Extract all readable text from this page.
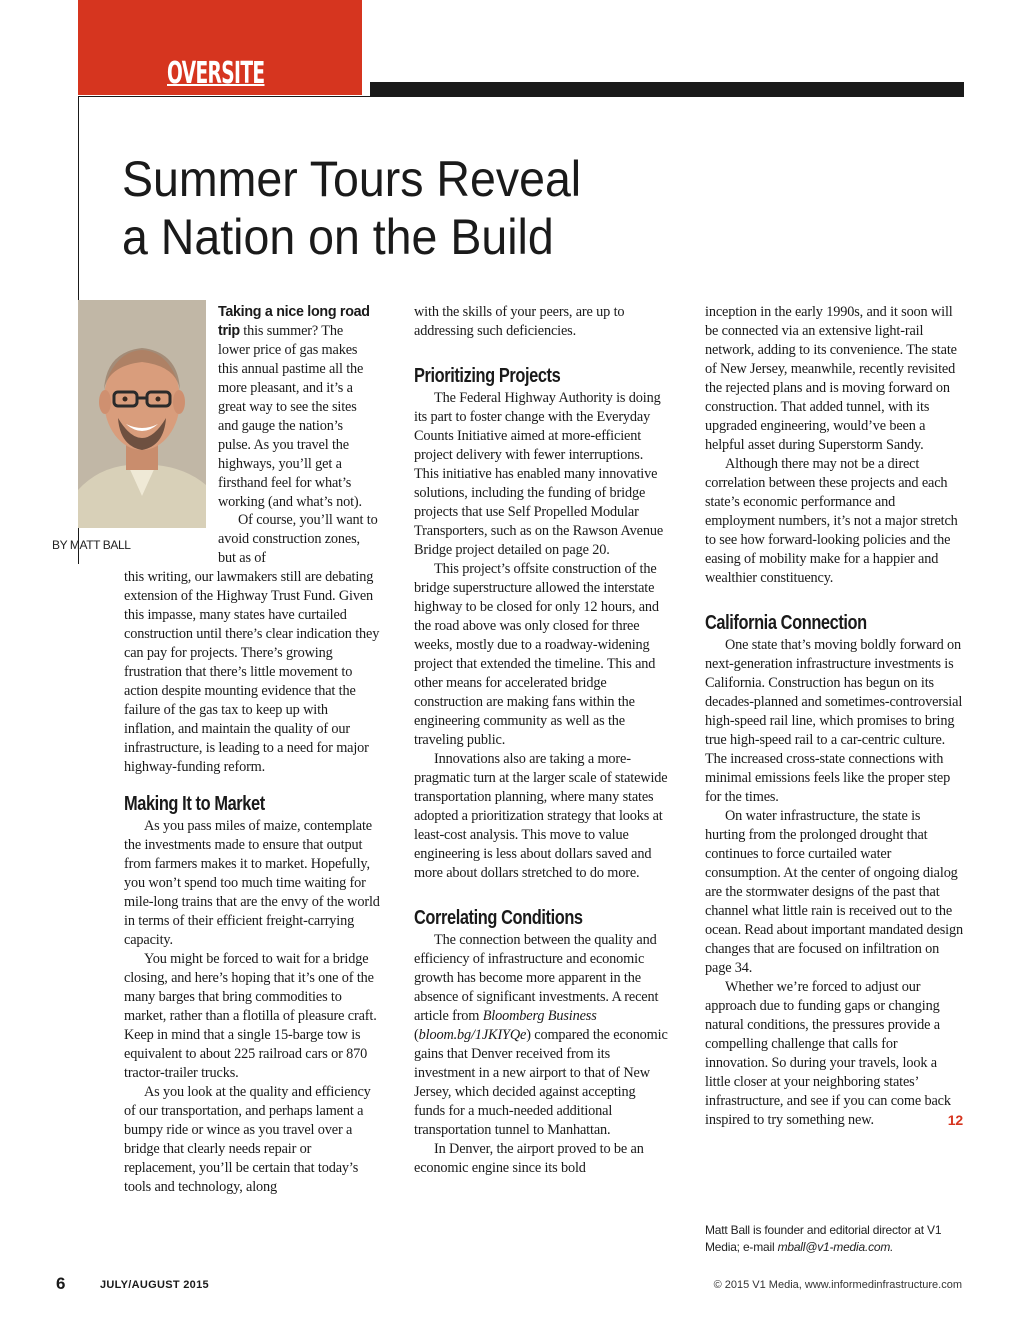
OVERSITE
Summer Tours Reveal
a Nation on the Build
BY MATT BALL

Taking a nice long road trip this summer? The lower price of gas makes this annual pastime all the more pleasant, and it’s a great way to see the sites and gauge the nation’s pulse. As you travel the highways, you’ll get a firsthand feel for what’s working (and what’s not).

Of course, you’ll want to avoid construction zones, but as of

this writing, our lawmakers still are debating extension of the Highway Trust Fund. Given this impasse, many states have curtailed construction until there’s clear indication they can pay for projects. There’s growing frustration that there’s little movement to action despite mounting evidence that the failure of the gas tax to keep up with inflation, and maintain the quality of our infrastructure, is leading to a need for major highway-funding reform.

Making It to Market

As you pass miles of maize, contemplate the investments made to ensure that output from farmers makes it to market. Hopefully, you won’t spend too much time waiting for mile-long trains that are the envy of the world in terms of their efficient freight-carrying capacity.

You might be forced to wait for a bridge closing, and here’s hoping that it’s one of the many barges that bring commodities to market, rather than a flotilla of pleasure craft. Keep in mind that a single 15-barge tow is equivalent to about 225 railroad cars or 870 tractor-trailer trucks.

As you look at the quality and efficiency of our transportation, and perhaps lament a bumpy ride or wince as you travel over a bridge that clearly needs repair or replacement, you’ll be certain that today’s tools and technology, along

with the skills of your peers, are up to addressing such deficiencies.

Prioritizing Projects

The Federal Highway Authority is doing its part to foster change with the Everyday Counts Initiative aimed at more-efficient project delivery with fewer interruptions. This initiative has enabled many innovative solutions, including the funding of bridge projects that use Self Propelled Modular Transporters, such as on the Rawson Avenue Bridge project detailed on page 20.

This project’s offsite construction of the bridge superstructure allowed the interstate highway to be closed for only 12 hours, and the road above was only closed for three weeks, mostly due to a roadway-widening project that extended the timeline. This and other means for accelerated bridge construction are making fans within the engineering community as well as the traveling public.

Innovations also are taking a more-pragmatic turn at the larger scale of statewide transportation planning, where many states adopted a prioritization strategy that looks at least-cost analysis. This move to value engineering is less about dollars saved and more about dollars stretched to do more.

Correlating Conditions

The connection between the quality and efficiency of infrastructure and economic growth has become more apparent in the absence of significant investments. A recent article from Bloomberg Business (bloom.bg/1JKIYQe) compared the economic gains that Denver received from its investment in a new airport to that of New Jersey, which decided against accepting funds for a much-needed additional transportation tunnel to Manhattan.

In Denver, the airport proved to be an economic engine since its bold

inception in the early 1990s, and it soon will be connected via an extensive light-rail network, adding to its convenience. The state of New Jersey, meanwhile, recently revisited the rejected plans and is moving forward on construction. That added tunnel, with its upgraded engineering, would’ve been a helpful asset during Superstorm Sandy.

Although there may not be a direct correlation between these projects and each state’s economic performance and employment numbers, it’s not a major stretch to see how forward-looking policies and the easing of mobility make for a happier and wealthier constituency.

California Connection

One state that’s moving boldly forward on next-generation infrastructure investments is California. Construction has begun on its decades-planned and sometimes-controversial high-speed rail line, which promises to bring true high-speed rail to a car-centric culture. The increased cross-state connections with minimal emissions feels like the proper step for the times.

On water infrastructure, the state is hurting from the prolonged drought that continues to force curtailed water consumption. At the center of ongoing dialog are the stormwater designs of the past that channel what little rain is received out to the ocean. Read about important mandated design changes that are focused on infiltration on page 34.

Whether we’re forced to adjust our approach due to funding gaps or changing natural conditions, the pressures provide a compelling challenge that calls for innovation. So during your travels, look a little closer at your neighboring states’ infrastructure, and see if you can come back inspired to try something new.	12

Matt Ball is founder and editorial director at V1 Media; e-mail mball@v1-media.com.
6	JULY/AUGUST 2015	© 2015 V1 Media, www.informedinfrastructure.com
